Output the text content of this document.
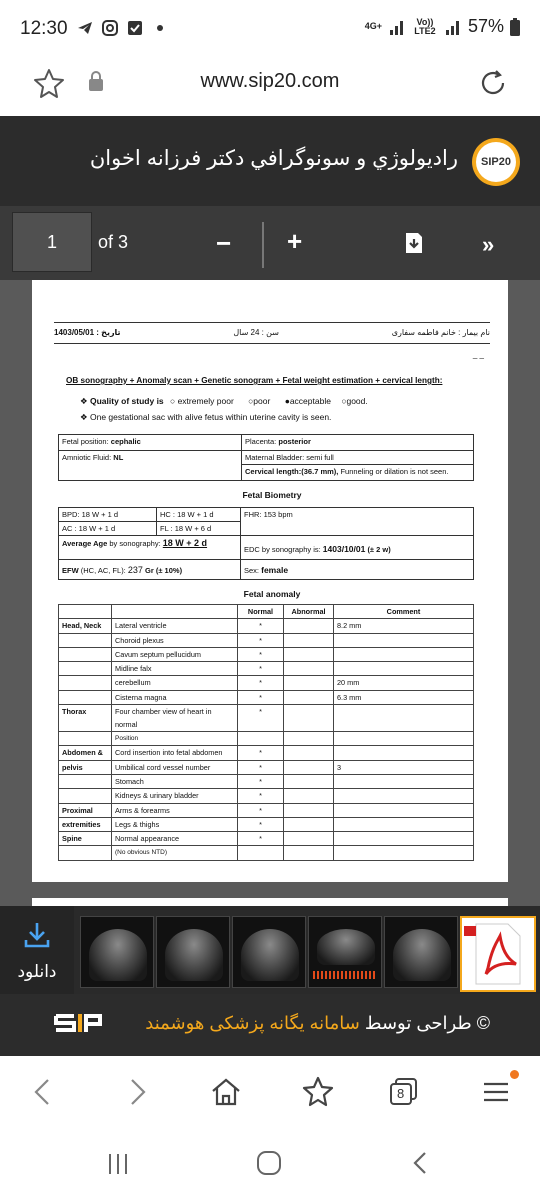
12:30	4G+	Vo)) LTE2 57%
www.sip20.com
راديولوژي و سونوگرافي دكتر فرزانه اخوان	SIP20
1	of 3	− +	»
نام بيمار : خانم فاطمه سفاری
سن : 24 سال
تاريخ : 1403/05/01
_ _
OB sonography + Anomaly scan + Genetic sonogram + Fetal weight estimation + cervical length:
❖ Quality of study is ○ extremely poor ○poor ●acceptable ○good.
❖ One gestational sac with alive fetus within uterine cavity is seen.
Fetal position: cephalic	Placenta: posterior
Amniotic Fluid: NL	Maternal Bladder: semi full
	Cervical length:(36.7 mm), Funneling or dilation is not seen.
Fetal Biometry
BPD: 18 W + 1 d	HC : 18 W + 1 d	FHR: 153 bpm
AC : 18 W + 1 d	FL : 18 W + 6 d	
Average Age by sonography: 18 W + 2 d		EDC by sonography is: 1403/10/01 (± 2 w)
EFW (HC, AC, FL): 237 Gr (± 10%)		Sex: female
Fetal anomaly
		Normal	Abnormal	Comment
Head, Neck	Lateral ventricle	*		8.2 mm
	Choroid plexus	*		
	Cavum septum pellucidum	*		
	Midline falx	*		
	cerebellum	*		20 mm
	Cisterna magna	*		6.3 mm
Thorax	Four chamber view of heart in normal	*		
	Position			
Abdomen &	Cord insertion into fetal abdomen	*		
pelvis	Umbilical cord vessel number	*		3
	Stomach	*		
	Kidneys & urinary bladder	*		
Proximal	Arms & forearms	*		
extremities	Legs & thighs	*		
Spine	Normal appearance	*		
	(No obvious NTD)			
دانلود
© طراحی توسط سامانه یگانه پزشکی هوشمند
8
